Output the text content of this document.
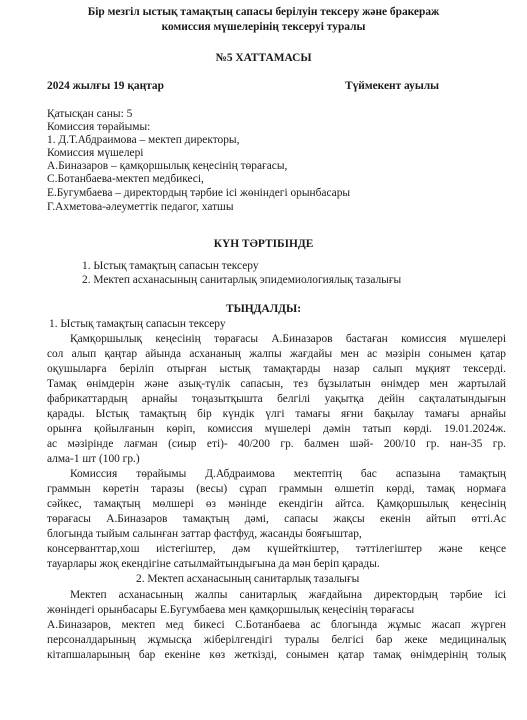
Бір мезгіл ыстық тамақтың сапасы берілуін тексеру және бракераж
комиссия мүшелерінің тексеруі туралы
№5 ХАТТАМАСЫ
2024 жылғы 19 қаңтар	Түймекент ауылы
Қатысқан саны: 5
Комиссия төрайымы:
1. Д.Т.Абдраимова – мектеп директоры,
Комиссия мүшелері
А.Биназаров – қамқоршылық кеңесінің төрағасы,
С.Ботанбаева-мектеп медбикесі,
Е.Бугумбаева – директордың тәрбие ісі жөніндегі орынбасары
Г.Ахметова-әлеуметтік педагог, хатшы
КҮН ТӘРТІБІНДЕ
1. Ыстық тамақтың сапасын тексеру
2. Мектеп асханасының санитарлық эпидемиологиялық тазалығы
ТЫҢДАЛДЫ:
1. Ыстық тамақтың сапасын тексеру
Қамқоршылық кеңесінің төрағасы А.Биназаров бастаған комиссия мүшелері
сол алып қаңтар айында асхананың жалпы жағдайы мен ас мәзірін сонымен қатар
оқушыларға беріліп отырған ыстық тамақтарды назар салып мұқият тексерді.
Тамақ өнімдерін және азық-түлік сапасын, тез бұзылатын өнімдер мен жартылай
фабрикаттардың арнайы тоңазытқышта белгілі уақытқа дейін сақталатындығын
қарады. Ыстық тамақтың бір күндік үлгі тамағы яғни бақылау тамағы арнайы
орынға қойылғанын көріп, комиссия мүшелері дәмін татып көрді. 19.01.2024ж.
ас мәзірінде лағман (сиыр еті)- 40/200 гр. балмен шәй- 200/10 гр. нан-35 гр.
алма-1 шт (100 гр.)
Комиссия төрайымы Д.Абдраимова мектептің бас аспазына тамақтың
граммын көретін таразы (весы) сұрап граммын өлшетіп көрді, тамақ нормаға
сәйкес, тамақтың мөлшері өз мәнінде екендігін айтса. Қамқоршылық кеңесінің
төрағасы А.Биназаров тамақтың дәмі, сапасы жақсы екенін айтып өтті.Ас
блогында тыйым салынған заттар фастфуд, жасанды бояғыштар,
консерванттар,хош иістегіштер, дәм күшейткіштер, тәттілегіштер және кеңсе
тауарлары жоқ екендігіне сатылмайтындығына да мән беріп қарады.
2. Мектеп асханасының санитарлық тазалығы
Мектеп асханасының жалпы санитарлық жағдайына директордың тәрбие ісі
жөніндегі орынбасары Е.Бугумбаева мен қамқоршылық кеңесінің төрағасы
А.Биназаров, мектеп мед бикесі С.Ботанбаева ас блогында жұмыс жасап жүрген
персоналдарының жұмысқа жіберілгендігі туралы белгісі бар жеке медициналық
кітапшаларының бар екеніне көз жеткізді, сонымен қатар тамақ өнімдерінің толық
